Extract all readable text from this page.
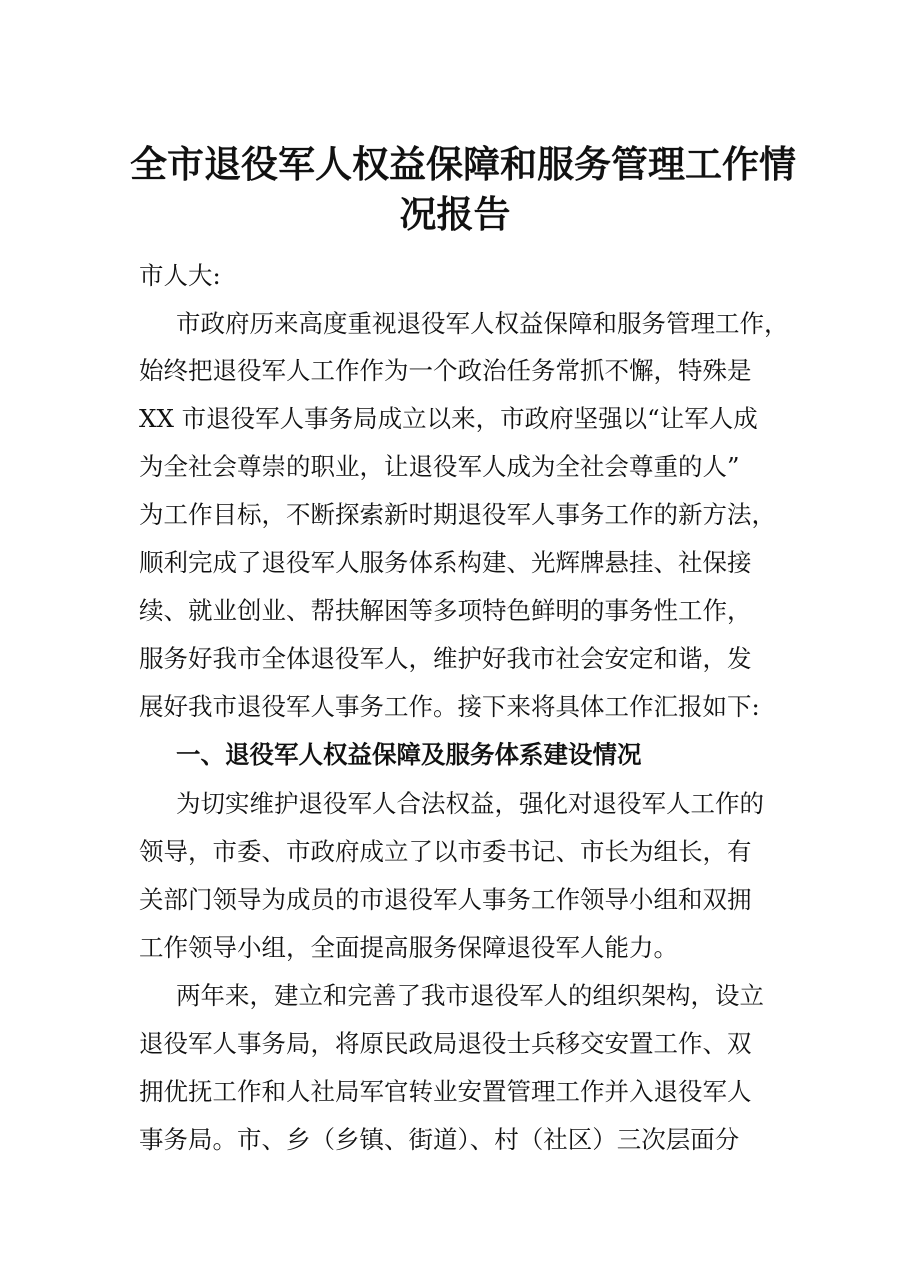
全市退役军人权益保障和服务管理工作情
况报告
市人大:
市政府历来高度重视退役军人权益保障和服务管理工作，
始终把退役军人工作作为一个政治任务常抓不懈，特殊是
XX 市退役军人事务局成立以来，市政府坚强以“让军人成
为全社会尊崇的职业，让退役军人成为全社会尊重的人”
为工作目标，不断探索新时期退役军人事务工作的新方法，
顺利完成了退役军人服务体系构建、光辉牌悬挂、社保接
续、就业创业、帮扶解困等多项特色鲜明的事务性工作，
服务好我市全体退役军人，维护好我市社会安定和谐，发
展好我市退役军人事务工作。接下来将具体工作汇报如下:
一、退役军人权益保障及服务体系建设情况
为切实维护退役军人合法权益，强化对退役军人工作的
领导，市委、市政府成立了以市委书记、市长为组长，有
关部门领导为成员的市退役军人事务工作领导小组和双拥
工作领导小组，全面提高服务保障退役军人能力。
两年来，建立和完善了我市退役军人的组织架构，设立
退役军人事务局，将原民政局退役士兵移交安置工作、双
拥优抚工作和人社局军官转业安置管理工作并入退役军人
事务局。市、乡（乡镇、街道）、村（社区）三次层面分
